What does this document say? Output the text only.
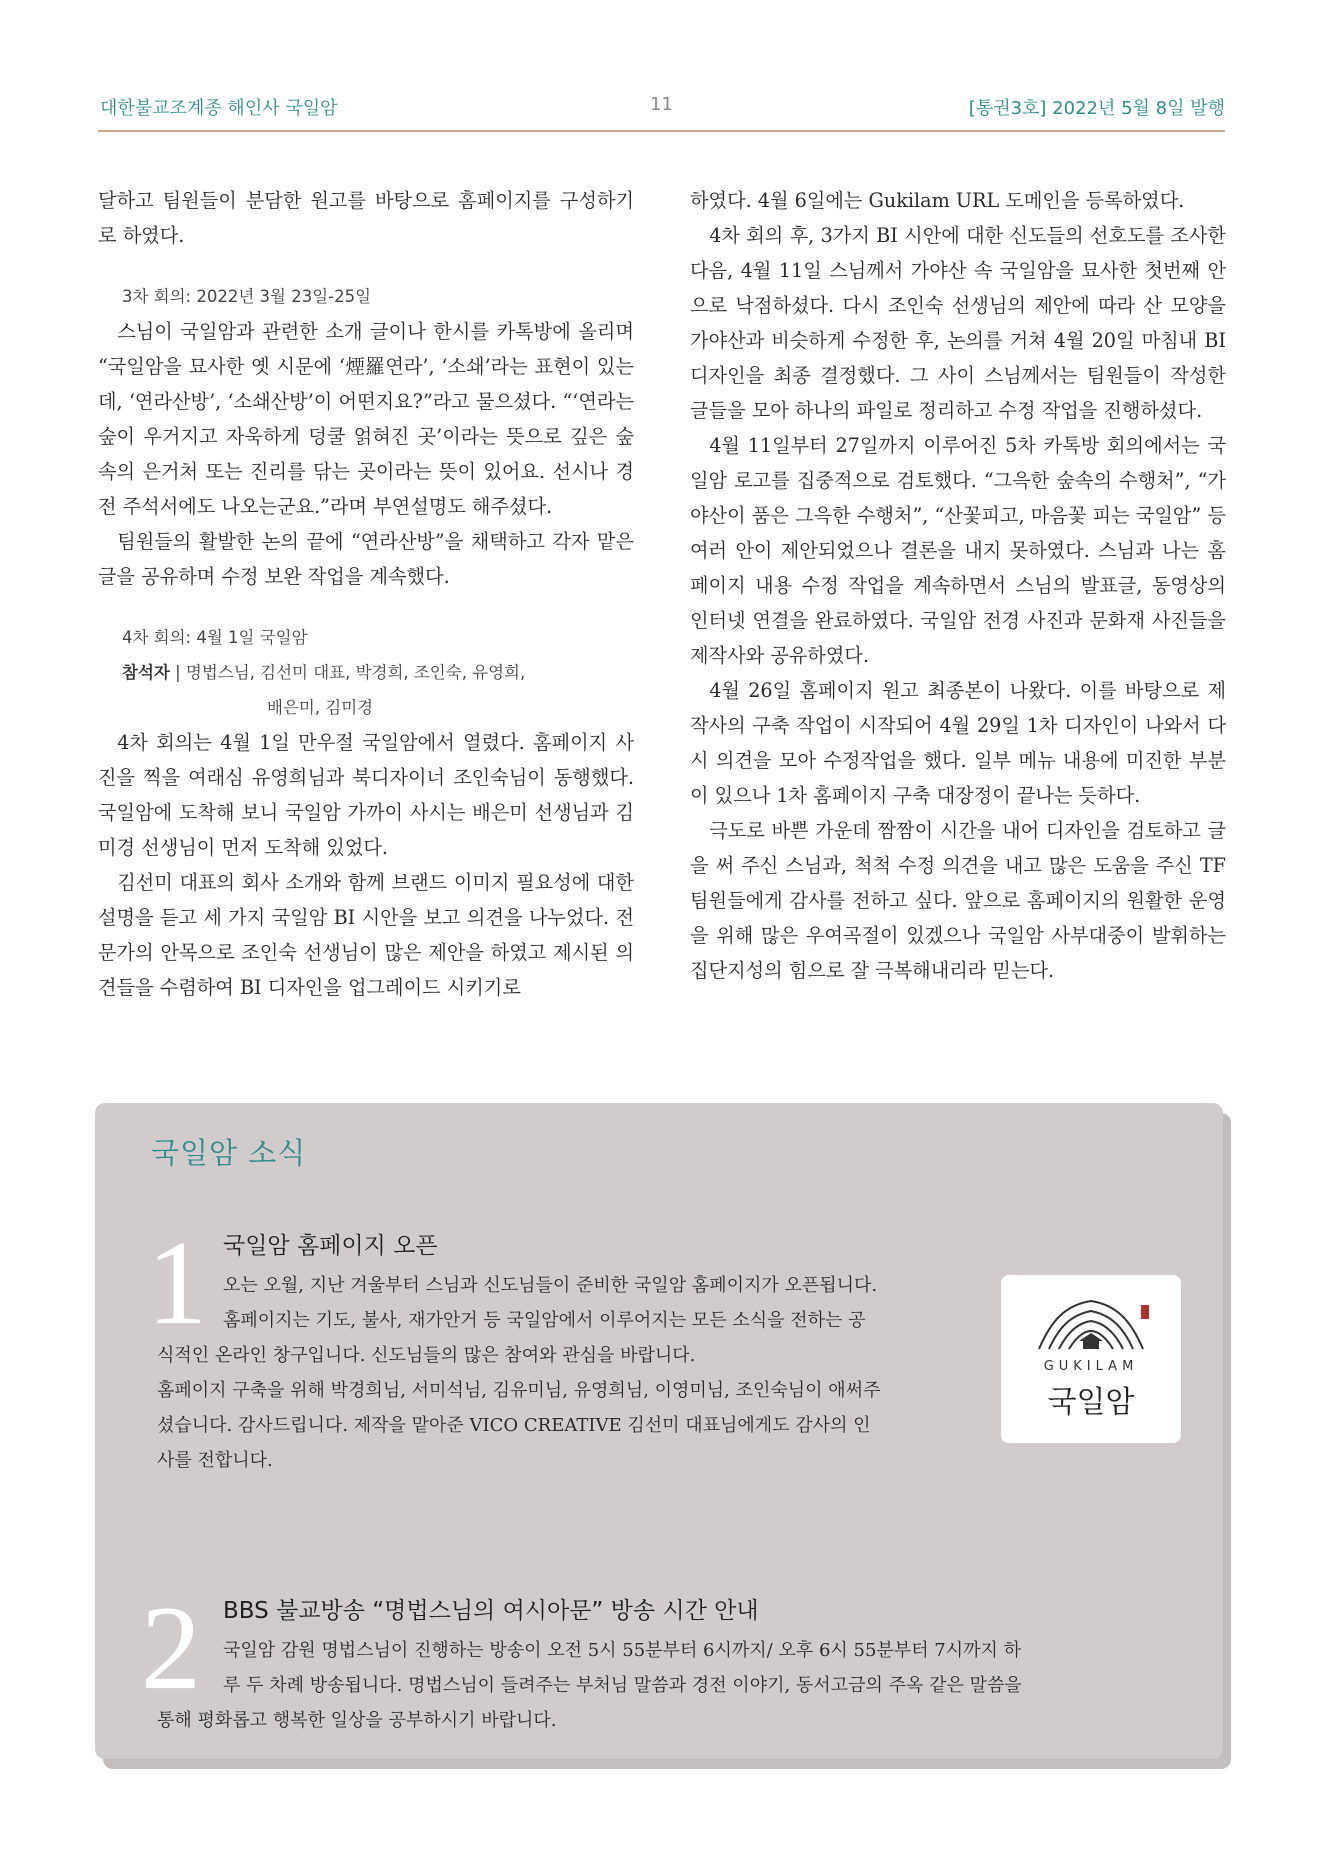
대한불교조계종 해인사 국일암	11	[통권3호] 2022년 5월 8일 발행

달하고 팀원들이 분담한 원고를 바탕으로 홈페이지를 구성하기로 하였다.

3차 회의: 2022년 3월 23일-25일

스님이 국일암과 관련한 소개 글이나 한시를 카톡방에 올리며 “국일암을 묘사한 옛 시문에 ‘煙羅연라’, ‘소쇄’라는 표현이 있는데, ‘연라산방’, ‘소쇄산방’이 어떤지요?”라고 물으셨다. “‘연라는 숲이 우거지고 자욱하게 덩쿨 얽혀진 곳’이라는 뜻으로 깊은 숲속의 은거처 또는 진리를 닦는 곳이라는 뜻이 있어요. 선시나 경전 주석서에도 나오는군요.”라며 부연설명도 해주셨다.

팀원들의 활발한 논의 끝에 “연라산방”을 채택하고 각자 맡은 글을 공유하며 수정 보완 작업을 계속했다.

4차 회의: 4월 1일 국일암
참석자 | 명법스님, 김선미 대표, 박경희, 조인숙, 유영희,
배은미, 김미경

4차 회의는 4월 1일 만우절 국일암에서 열렸다. 홈페이지 사진을 찍을 여래심 유영희님과 북디자이너 조인숙님이 동행했다. 국일암에 도착해 보니 국일암 가까이 사시는 배은미 선생님과 김미경 선생님이 먼저 도착해 있었다.

김선미 대표의 회사 소개와 함께 브랜드 이미지 필요성에 대한 설명을 듣고 세 가지 국일암 BI 시안을 보고 의견을 나누었다. 전문가의 안목으로 조인숙 선생님이 많은 제안을 하였고 제시된 의견들을 수렴하여 BI 디자인을 업그레이드 시키기로

하였다. 4월 6일에는 Gukilam URL 도메인을 등록하였다.

4차 회의 후, 3가지 BI 시안에 대한 신도들의 선호도를 조사한 다음, 4월 11일 스님께서 가야산 속 국일암을 묘사한 첫번째 안으로 낙점하셨다. 다시 조인숙 선생님의 제안에 따라 산 모양을 가야산과 비슷하게 수정한 후, 논의를 거쳐 4월 20일 마침내 BI 디자인을 최종 결정했다. 그 사이 스님께서는 팀원들이 작성한 글들을 모아 하나의 파일로 정리하고 수정 작업을 진행하셨다.

4월 11일부터 27일까지 이루어진 5차 카톡방 회의에서는 국일암 로고를 집중적으로 검토했다. “그윽한 숲속의 수행처”, “가야산이 품은 그윽한 수행처”, “산꽃피고, 마음꽃 피는 국일암” 등 여러 안이 제안되었으나 결론을 내지 못하였다. 스님과 나는 홈페이지 내용 수정 작업을 계속하면서 스님의 발표글, 동영상의 인터넷 연결을 완료하였다. 국일암 전경 사진과 문화재 사진들을 제작사와 공유하였다.

4월 26일 홈페이지 원고 최종본이 나왔다. 이를 바탕으로 제작사의 구축 작업이 시작되어 4월 29일 1차 디자인이 나와서 다시 의견을 모아 수정작업을 했다. 일부 메뉴 내용에 미진한 부분이 있으나 1차 홈페이지 구축 대장정이 끝나는 듯하다.

극도로 바쁜 가운데 짬짬이 시간을 내어 디자인을 검토하고 글을 써 주신 스님과, 척척 수정 의견을 내고 많은 도움을 주신 TF 팀원들에게 감사를 전하고 싶다. 앞으로 홈페이지의 원활한 운영을 위해 많은 우여곡절이 있겠으나 국일암 사부대중이 발휘하는 집단지성의 힘으로 잘 극복해내리라 믿는다.

국일암 소식
1 국일암 홈페이지 오픈
오는 오월, 지난 겨울부터 스님과 신도님들이 준비한 국일암 홈페이지가 오픈됩니다.
홈페이지는 기도, 불사, 재가안거 등 국일암에서 이루어지는 모든 소식을 전하는 공
식적인 온라인 창구입니다. 신도님들의 많은 참여와 관심을 바랍니다.
홈페이지 구축을 위해 박경희님, 서미석님, 김유미님, 유영희님, 이영미님, 조인숙님이 애써주
셨습니다. 감사드립니다. 제작을 맡아준 VICO CREATIVE 김선미 대표님에게도 감사의 인
사를 전합니다.
GUKILAM
국일암
2 BBS 불교방송 “명법스님의 여시아문” 방송 시간 안내
국일암 감원 명법스님이 진행하는 방송이 오전 5시 55분부터 6시까지/ 오후 6시 55분부터 7시까지 하
루 두 차례 방송됩니다. 명법스님이 들려주는 부처님 말씀과 경전 이야기, 동서고금의 주옥 같은 말씀을
통해 평화롭고 행복한 일상을 공부하시기 바랍니다.
